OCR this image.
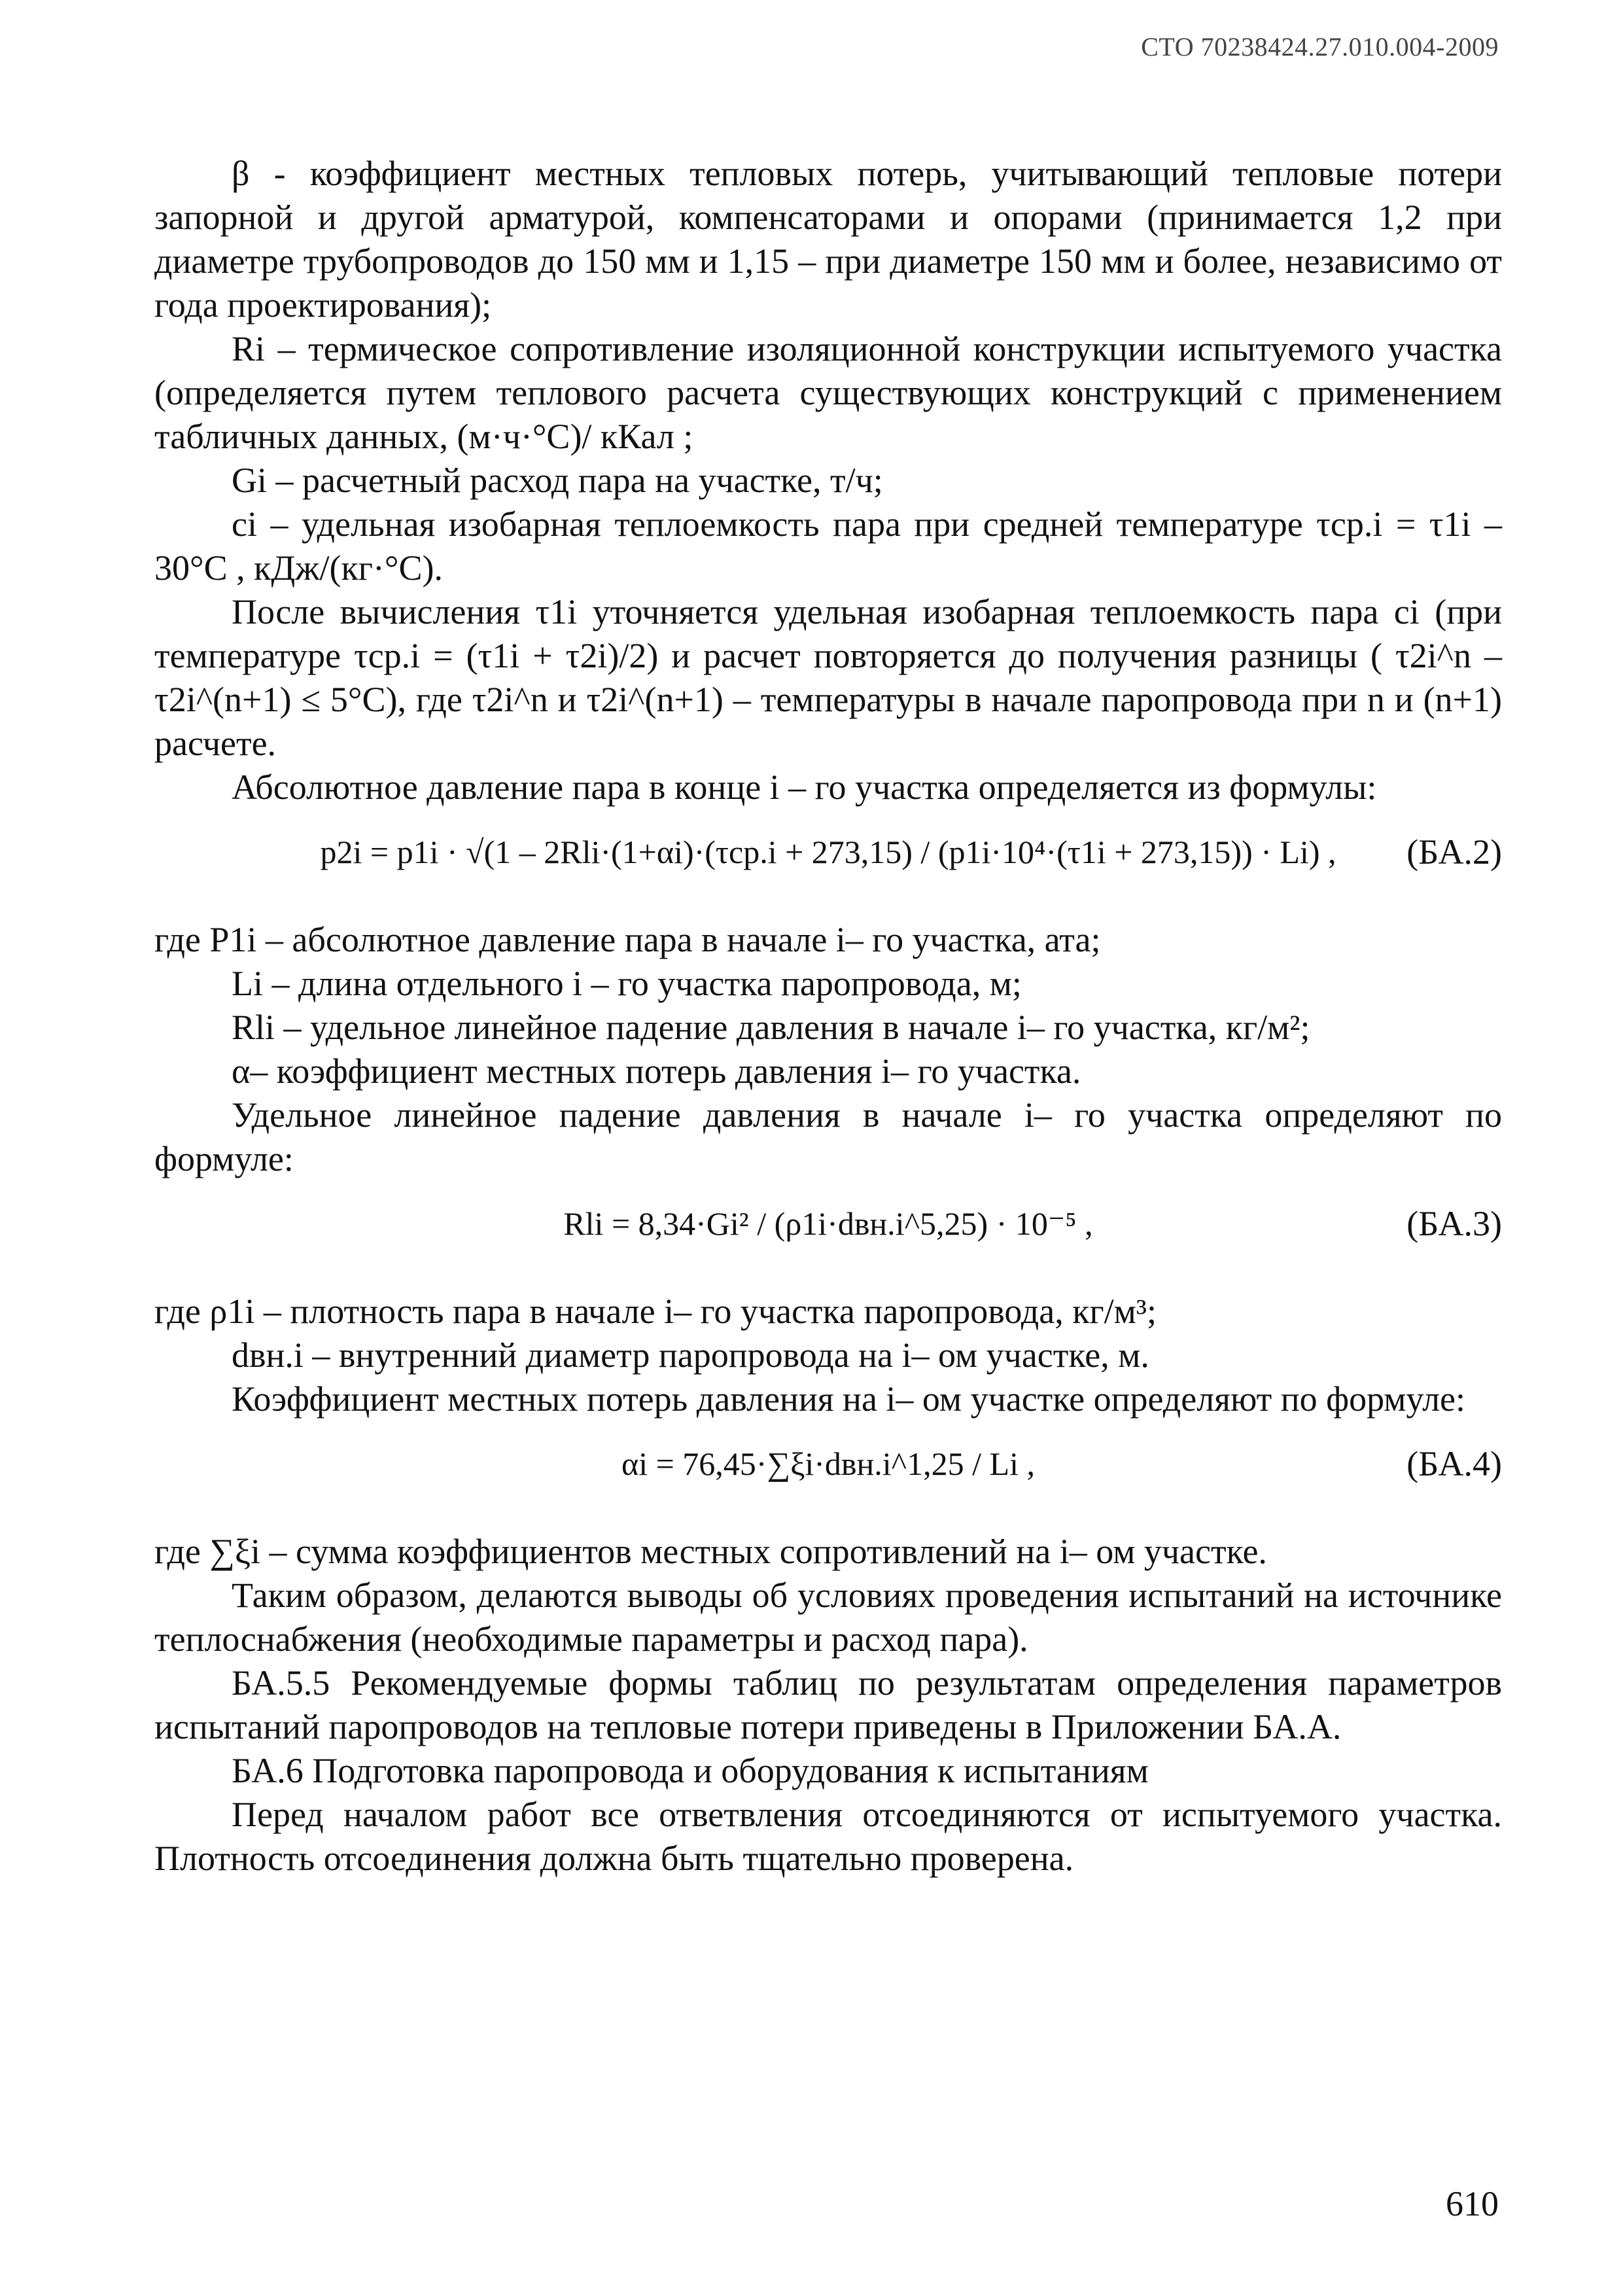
СТО 70238424.27.010.004-2009

β - коэффициент местных тепловых потерь, учитывающий тепловые потери запорной и другой арматурой, компенсаторами и опорами (принимается 1,2 при диаметре трубопроводов до 150 мм и 1,15 – при диаметре 150 мм и более, независимо от года проектирования);

Ri – термическое сопротивление изоляционной конструкции испытуемого участка (определяется путем теплового расчета существующих конструкций с применением табличных данных, (м·ч·°С)/ кКал ;

Gi – расчетный расход пара на участке, т/ч;

ci – удельная изобарная теплоемкость пара при средней температуре τср.i = τ1i – 30°С , кДж/(кг·°С).

После вычисления τ1i уточняется удельная изобарная теплоемкость пара ci (при температуре τср.i = (τ1i + τ2i)/2) и расчет повторяется до получения разницы ( τ2i^n – τ2i^(n+1) ≤ 5°С), где τ2i^n и τ2i^(n+1) – температуры в начале паропровода при n и (n+1) расчете.

Абсолютное давление пара в конце i – го участка определяется из формулы:

p2i = p1i · √(1 – 2Rli·(1+αi)·(τср.i + 273,15) / (p1i·10⁴·(τ1i + 273,15)) · Li) ,	(БА.2)

где P1i – абсолютное давление пара в начале i– го участка, ата;

Li – длина отдельного i – го участка паропровода, м;

Rli – удельное линейное падение давления в начале i– го участка, кг/м²;

α– коэффициент местных потерь давления i– го участка.

Удельное линейное падение давления в начале i– го участка определяют по формуле:

Rli = 8,34·Gi² / (ρ1i·dвн.i^5,25) · 10⁻⁵ ,	(БА.3)

где ρ1i – плотность пара в начале i– го участка паропровода, кг/м³;

dвн.i – внутренний диаметр паропровода на i– ом участке, м.

Коэффициент местных потерь давления на i– ом участке определяют по формуле:

αi = 76,45·∑ξi·dвн.i^1,25 / Li ,	(БА.4)

где ∑ξi – сумма коэффициентов местных сопротивлений на i– ом участке.

Таким образом, делаются выводы об условиях проведения испытаний на источнике теплоснабжения (необходимые параметры и расход пара).

БА.5.5 Рекомендуемые формы таблиц по результатам определения параметров испытаний паропроводов на тепловые потери приведены в Приложении БА.А.

БА.6 Подготовка паропровода и оборудования к испытаниям

Перед началом работ все ответвления отсоединяются от испытуемого участка. Плотность отсоединения должна быть тщательно проверена.

610
